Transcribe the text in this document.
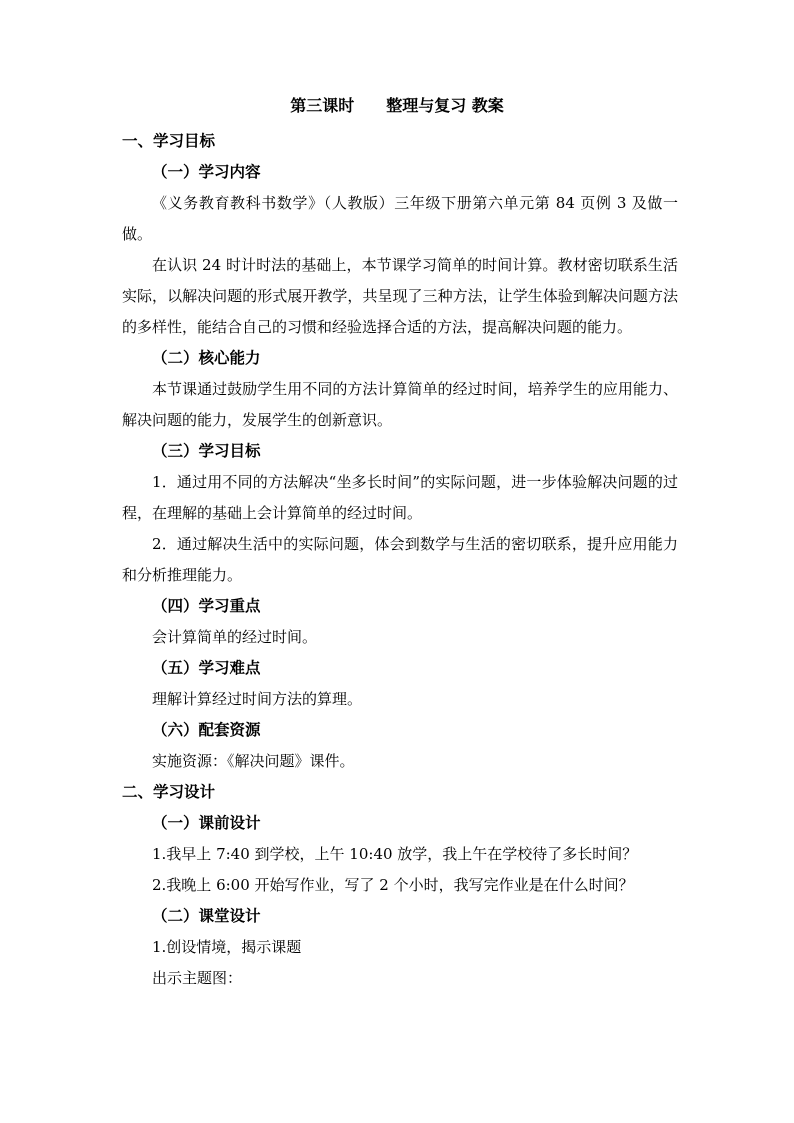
第三课时　　整理与复习 教案
一、学习目标
（一）学习内容

《义务教育教科书数学》（人教版）三年级下册第六单元第 84 页例 3 及做一做。

在认识 24 时计时法的基础上，本节课学习简单的时间计算。教材密切联系生活实际，以解决问题的形式展开教学，共呈现了三种方法，让学生体验到解决问题方法的多样性，能结合自己的习惯和经验选择合适的方法，提高解决问题的能力。

（二）核心能力

本节课通过鼓励学生用不同的方法计算简单的经过时间，培养学生的应用能力、解决问题的能力，发展学生的创新意识。

（三）学习目标

1．通过用不同的方法解决“坐多长时间”的实际问题，进一步体验解决问题的过程，在理解的基础上会计算简单的经过时间。

2．通过解决生活中的实际问题，体会到数学与生活的密切联系，提升应用能力和分析推理能力。

（四）学习重点

会计算简单的经过时间。

（五）学习难点

理解计算经过时间方法的算理。

（六）配套资源

实施资源：《解决问题》课件。

二、学习设计
（一）课前设计

1.我早上 7:40 到学校，上午 10:40 放学，我上午在学校待了多长时间？

2.我晚上 6:00 开始写作业，写了 2 个小时，我写完作业是在什么时间？

（二）课堂设计

1.创设情境，揭示课题

出示主题图：
